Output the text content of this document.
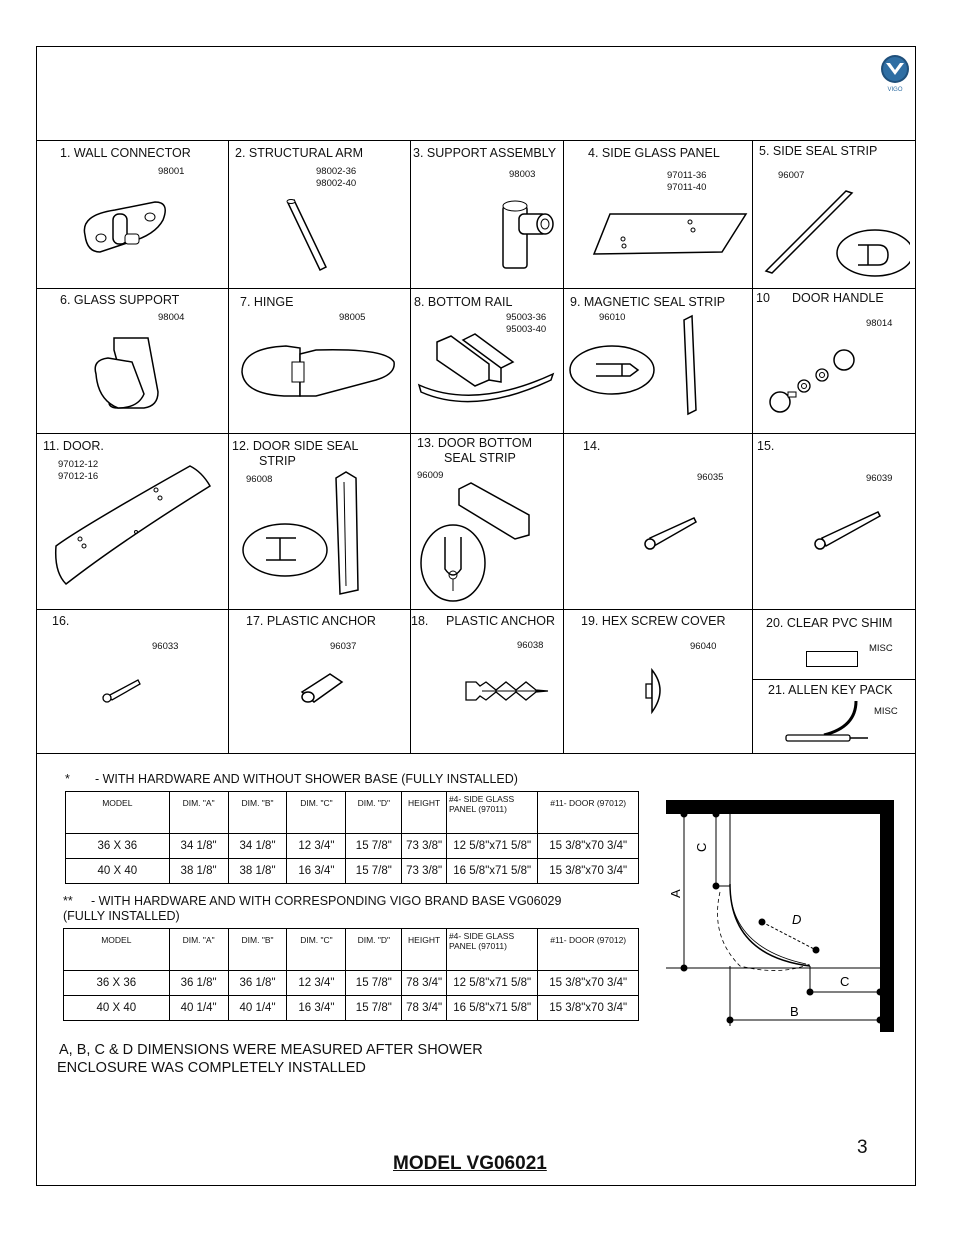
VIGO
1. WALL CONNECTOR
98001
2. STRUCTURAL ARM
98002-36
98002-40
3. SUPPORT ASSEMBLY
98003
4. SIDE GLASS PANEL
97011-36
97011-40
5. SIDE SEAL STRIP
96007
6. GLASS SUPPORT
98004
7. HINGE
98005
8. BOTTOM RAIL
95003-36
95003-40
9. MAGNETIC SEAL STRIP
96010
10 DOOR HANDLE
98014
11. DOOR.
97012-12
97012-16
12. DOOR SIDE SEAL
STRIP
96008
13. DOOR BOTTOM
SEAL STRIP
96009
14.
96035
15.
96039
16.
96033
17. PLASTIC ANCHOR
96037
18. PLASTIC ANCHOR
96038
19. HEX SCREW COVER
96040
20. CLEAR PVC SHIM
MISC
21. ALLEN KEY PACK
MISC
* - WITH HARDWARE AND WITHOUT SHOWER BASE (FULLY INSTALLED)
MODEL	DIM. "A"	DIM. "B"	DIM. "C"	DIM. "D"	HEIGHT	#4- SIDE GLASS PANEL (97011)	#11- DOOR (97012)
36 X 36	34 1/8"	34 1/8"	12 3/4"	15 7/8"	73 3/8"	12 5/8"x71 5/8"	15 3/8"x70 3/4"
40 X 40	38 1/8"	38 1/8"	16 3/4"	15 7/8"	73 3/8"	16 5/8"x71 5/8"	15 3/8"x70 3/4"
** - WITH HARDWARE AND WITH CORRESPONDING VIGO BRAND BASE VG06029
(FULLY INSTALLED)
MODEL	DIM. "A"	DIM. "B"	DIM. "C"	DIM. "D"	HEIGHT	#4- SIDE GLASS PANEL (97011)	#11- DOOR (97012)
36 X 36	36 1/8"	36 1/8"	12 3/4"	15 7/8"	78 3/4"	12 5/8"x71 5/8"	15 3/8"x70 3/4"
40 X 40	40 1/4"	40 1/4"	16 3/4"	15 7/8"	78 3/4"	16 5/8"x71 5/8"	15 3/8"x70 3/4"
C
A
D
C
B
A, B, C & D DIMENSIONS WERE MEASURED AFTER SHOWER
ENCLOSURE WAS COMPLETELY INSTALLED
3
MODEL VG06021
